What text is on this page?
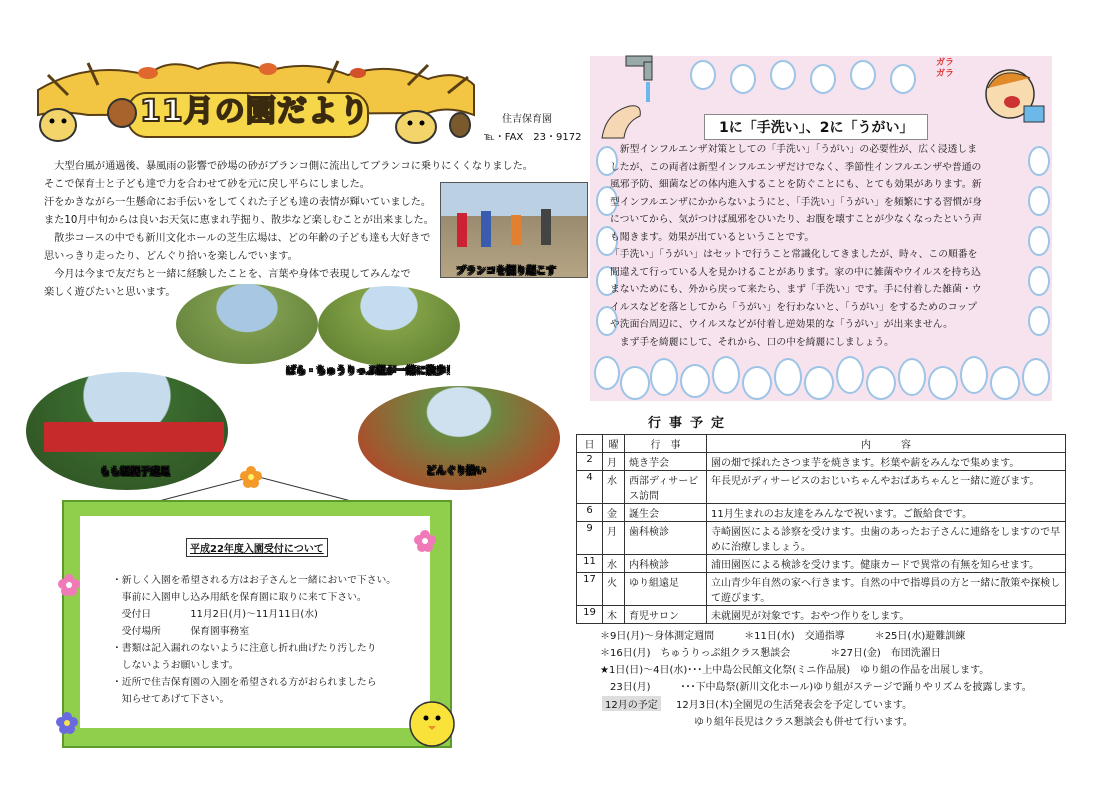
11月の園だより	住吉保育園
℡・FAX　23・9172
　大型台風が通過後、暴風雨の影響で砂場の砂がブランコ側に流出してブランコに乗りにくくなりました。
そこで保育士と子ども達で力を合わせて砂を元に戻し平らにしました。
汗をかきながら一生懸命にお手伝いをしてくれた子ども達の表情が輝いていました。
また10月中旬からは良いお天気に恵まれ芋掘り、散歩など楽しむことが出来ました。
　散歩コースの中でも新川文化ホールの芝生広場は、どの年齢の子ども達も大好きで
思いっきり走ったり、どんぐり拾いを楽しんでいます。
　今月は今まで友だちと一緒に経験したことを、言葉や身体で表現してみんなで
楽しく遊びたいと思います。
ブランコを掘り起こす
ばら・ちゅうりっぷ組が一緒に散歩！
もも組親子遠足	どんぐり拾い
平成22年度入園受付について
・新しく入園を希望される方はお子さんと一緒においで下さい。
　事前に入園申し込み用紙を保育園に取りに来て下さい。
　受付日　　　　11月2日(月)～11月11日(水)
　受付場所　　　保育園事務室
・書類は記入漏れのないように注意し折れ曲げたり汚したり
　しないようお願いします。
・近所で住吉保育園の入園を希望される方がおられましたら
　知らせてあげて下さい。
ガラ
ガラ
1に「手洗い」、2に「うがい」
　新型インフルエンザ対策としての「手洗い」「うがい」の必要性が、広く浸透しま
したが、この両者は新型インフルエンザだけでなく、季節性インフルエンザや普通の
風邪予防、細菌などの体内進入することを防ぐことにも、とても効果があります。新
型インフルエンザにかからないようにと、「手洗い」「うがい」を頻繁にする習慣が身
についてから、気がつけば風邪をひいたり、お腹を壊すことが少なくなったという声
も聞きます。効果が出ているということです。
「手洗い」「うがい」はセットで行うこと常識化してきましたが、時々、この順番を
間違えて行っている人を見かけることがあります。家の中に雑菌やウイルスを持ち込
まないためにも、外から戻って来たら、まず「手洗い」です。手に付着した雑菌・ウ
イルスなどを落としてから「うがい」を行わないと、「うがい」をするためのコップ
や洗面台周辺に、ウイルスなどが付着し逆効果的な「うがい」が出来ません。
　まず手を綺麗にして、それから、口の中を綺麗にしましょう。
行事予定
日	曜	行　事	内　　　容
2	月	焼き芋会	園の畑で採れたさつま芋を焼きます。杉葉や薪をみんなで集めます。
4	水	西部ディサービス訪問	年長児がディサービスのおじいちゃんやおばあちゃんと一緒に遊びます。
6	金	誕生会	11月生まれのお友達をみんなで祝います。ご飯給食です。
9	月	歯科検診	寺崎園医による診察を受けます。虫歯のあったお子さんに連絡をしますので早めに治療しましょう。
11	水	内科検診	浦田園医による検診を受けます。健康カードで異常の有無を知らせます。
17	火	ゆり組遠足	立山青少年自然の家へ行きます。自然の中で指導員の方と一緒に散策や探検して遊びます。
19	木	育児サロン	未就園児が対象です。おやつ作りをします。
＊9日(月)～身体測定週間　　　＊11日(水)　交通指導　　　＊25日(水)避難訓練
＊16日(月)　ちゅうりっぷ組クラス懇談会　　　　＊27日(金)　布団洗濯日
★1日(日)～4日(水)･･･上中島公民館文化祭(ミニ作品展)　ゆり組の作品を出展します。
　23日(月)　　　･･･下中島祭(新川文化ホール)ゆり組がステージで踊りやリズムを披露します。
12月の予定 　12月3日(木)全園児の生活発表会を予定しています。
ゆり組年長児はクラス懇談会も併せて行います。
